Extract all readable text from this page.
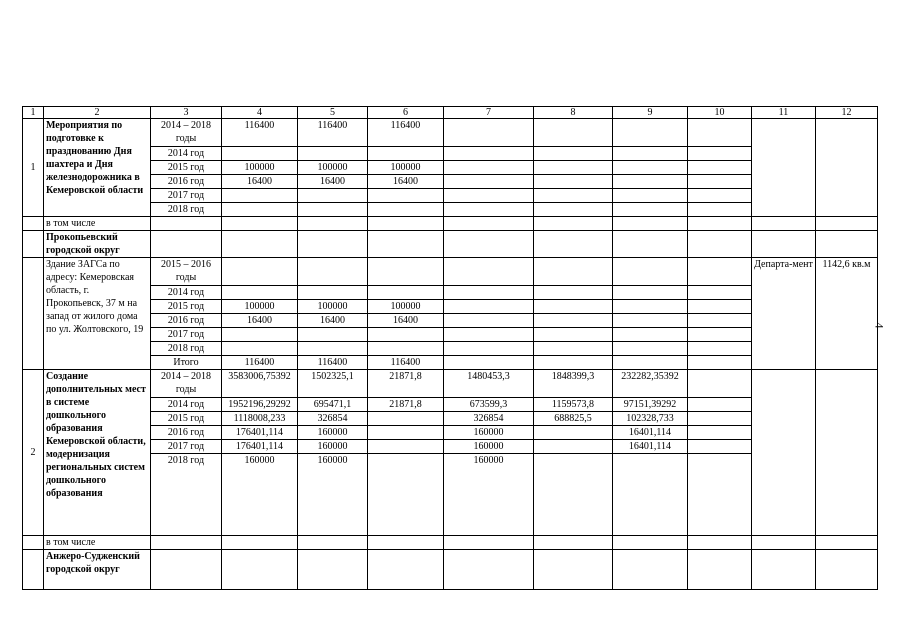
1	2	3	4	5	6	7	8	9	10	11	12
1	Мероприятия по подготовке к празднованию Дня шахтера и Дня железнодорожника в Кемеровской области	2014 – 2018 годы	116400	116400	116400						
		2014 год									
		2015 год	100000	100000	100000						
		2016 год	16400	16400	16400						
		2017 год									
		2018 год									
	в том числе										
	Прокопьевский городской округ										
	Здание ЗАГСа по адресу: Кемеровская область, г. Прокопьевск, 37 м на запад от жилого дома по ул. Жолтовского, 19	2015 – 2016 годы								Департа-мент	1142,6 кв.м
		2014 год									
		2015 год	100000	100000	100000						
		2016 год	16400	16400	16400						
		2017 год									
		2018 год									
		Итого	116400	116400	116400						
2	Создание дополнительных мест в системе дошкольного образования Кемеровской области, модернизация региональных систем дошкольного образования	2014 – 2018 годы	3583006,75392	1502325,1	21871,8	1480453,3	1848399,3	232282,35392			
		2014 год	1952196,29292	695471,1	21871,8	673599,3	1159573,8	97151,39292			
		2015 год	1118008,233	326854		326854	688825,5	102328,733			
		2016 год	176401,114	160000		160000		16401,114			
		2017 год	176401,114	160000		160000		16401,114			
		2018 год	160000	160000		160000					
	в том числе										
	Анжеро-Судженский городской округ										
4
